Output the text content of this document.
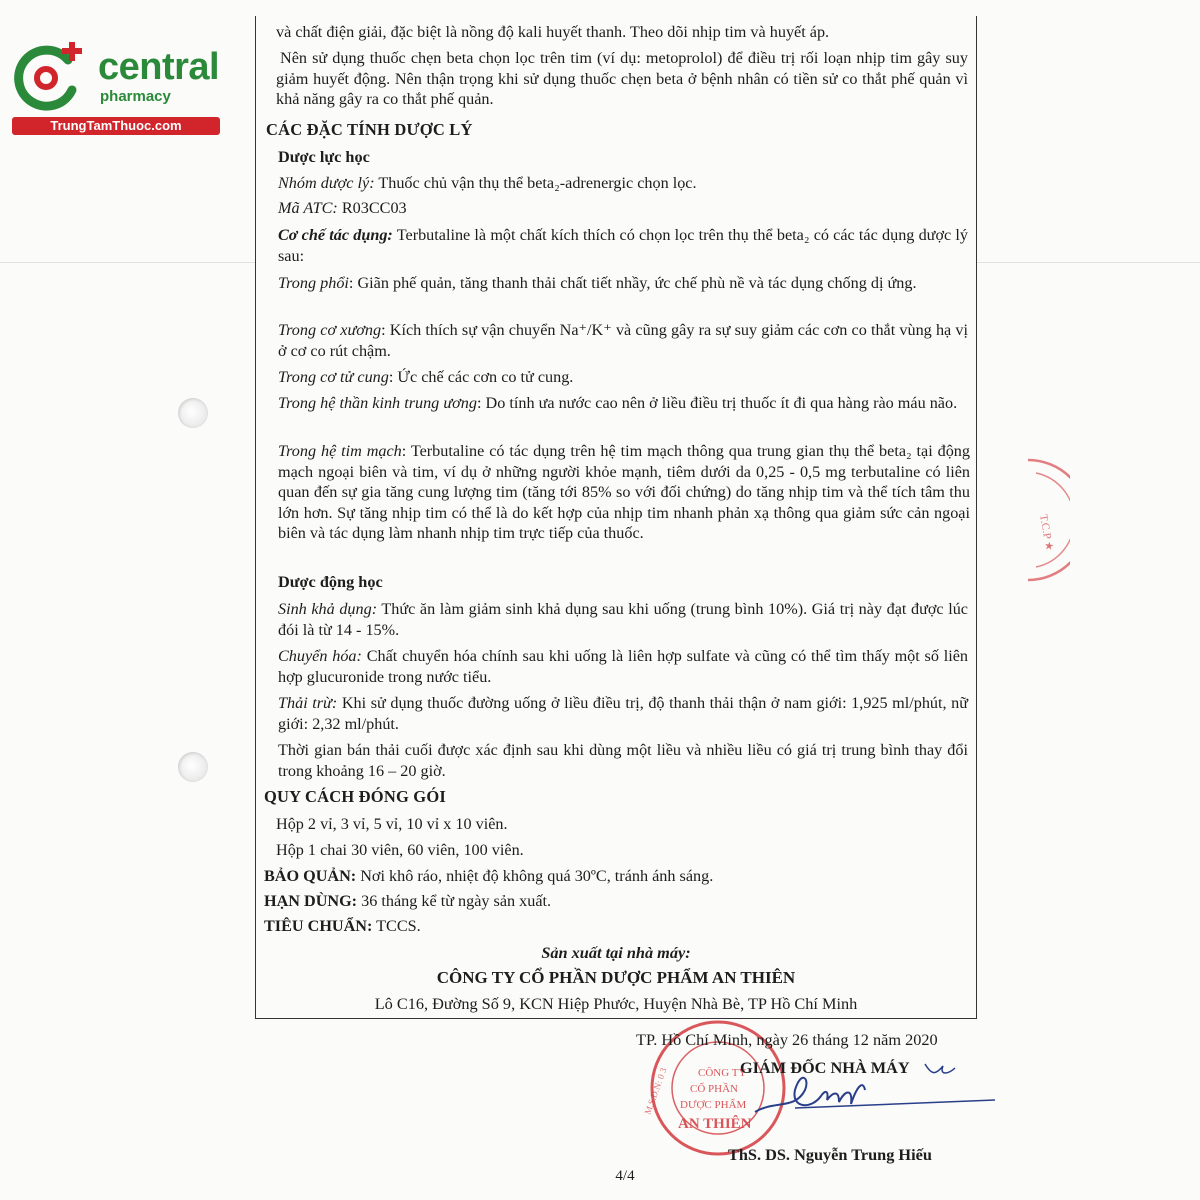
central
pharmacy
TrungTamThuoc.com
và chất điện giải, đặc biệt là nồng độ kali huyết thanh. Theo dõi nhịp tim và huyết áp.
Nên sử dụng thuốc chẹn beta chọn lọc trên tim (ví dụ: metoprolol) để điều trị rối loạn nhịp tim gây suy giảm huyết động. Nên thận trọng khi sử dụng thuốc chẹn beta ở bệnh nhân có tiền sử co thắt phế quản vì khả năng gây ra co thắt phế quản.
CÁC ĐẶC TÍNH DƯỢC LÝ
Dược lực học
Nhóm dược lý: Thuốc chủ vận thụ thể beta₂-adrenergic chọn lọc.
Mã ATC: R03CC03
Cơ chế tác dụng: Terbutaline là một chất kích thích có chọn lọc trên thụ thể beta₂ có các tác dụng dược lý sau:
Trong phổi: Giãn phế quản, tăng thanh thải chất tiết nhầy, ức chế phù nề và tác dụng chống dị ứng.
Trong cơ xương: Kích thích sự vận chuyển Na⁺/K⁺ và cũng gây ra sự suy giảm các cơn co thắt vùng hạ vị ở cơ co rút chậm.
Trong cơ tử cung: Ức chế các cơn co tử cung.
Trong hệ thần kinh trung ương: Do tính ưa nước cao nên ở liều điều trị thuốc ít đi qua hàng rào máu não.
Trong hệ tim mạch: Terbutaline có tác dụng trên hệ tim mạch thông qua trung gian thụ thể beta₂ tại động mạch ngoại biên và tim, ví dụ ở những người khỏe mạnh, tiêm dưới da 0,25 - 0,5 mg terbutaline có liên quan đến sự gia tăng cung lượng tim (tăng tới 85% so với đối chứng) do tăng nhịp tim và thể tích tâm thu lớn hơn. Sự tăng nhịp tim có thể là do kết hợp của nhịp tim nhanh phản xạ thông qua giảm sức cản ngoại biên và tác dụng làm nhanh nhịp tim trực tiếp của thuốc.
Dược động học
Sinh khả dụng: Thức ăn làm giảm sinh khả dụng sau khi uống (trung bình 10%). Giá trị này đạt được lúc đói là từ 14 - 15%.
Chuyển hóa: Chất chuyển hóa chính sau khi uống là liên hợp sulfate và cũng có thể tìm thấy một số liên hợp glucuronide trong nước tiểu.
Thải trừ: Khi sử dụng thuốc đường uống ở liều điều trị, độ thanh thải thận ở nam giới: 1,925 ml/phút, nữ giới: 2,32 ml/phút.
Thời gian bán thải cuối được xác định sau khi dùng một liều và nhiều liều có giá trị trung bình thay đổi trong khoảng 16 – 20 giờ.
QUY CÁCH ĐÓNG GÓI
Hộp 2 vỉ, 3 vỉ, 5 vỉ, 10 vỉ x 10 viên.
Hộp 1 chai 30 viên, 60 viên, 100 viên.
BẢO QUẢN: Nơi khô ráo, nhiệt độ không quá 30ºC, tránh ánh sáng.
HẠN DÙNG: 36 tháng kể từ ngày sản xuất.
TIÊU CHUẨN: TCCS.
Sản xuất tại nhà máy:
CÔNG TY CỔ PHẦN DƯỢC PHẨM AN THIÊN
Lô C16, Đường Số 9, KCN Hiệp Phước, Huyện Nhà Bè, TP Hồ Chí Minh
T.C.P ★
CÔNG TY
CỔ PHẦN
DƯỢC PHẨM
AN THIÊN
M.S.D.N: 0 3
TP. Hồ Chí Minh, ngày 26 tháng 12 năm 2020
GIÁM ĐỐC NHÀ MÁY
ThS. DS. Nguyễn Trung Hiếu
4/4
